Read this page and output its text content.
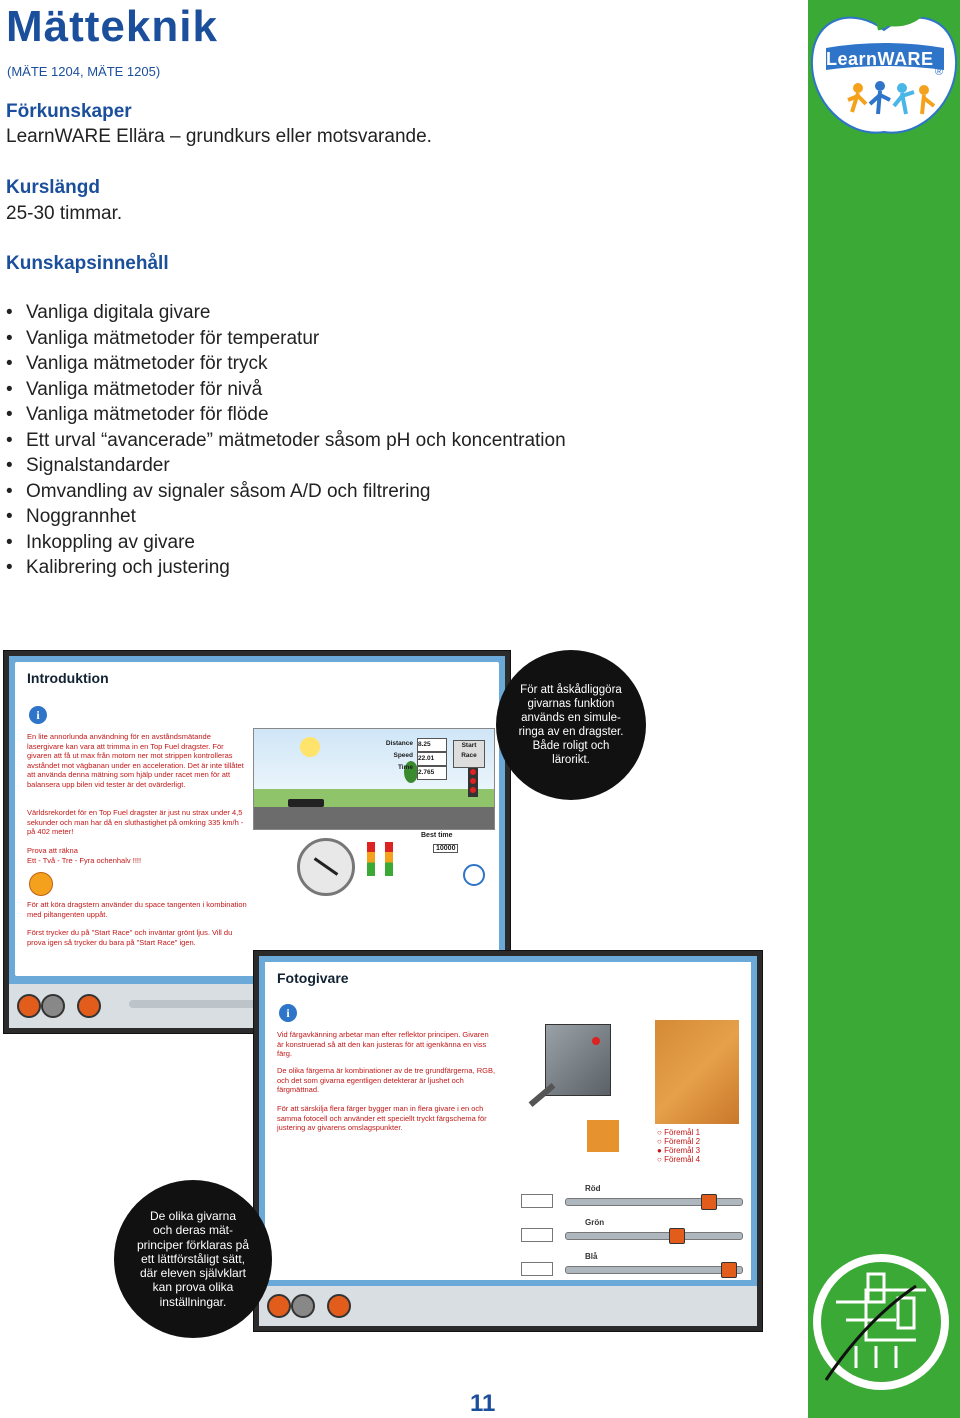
LearnWARE
®
Mätteknik
(MÄTE 1204, MÄTE 1205)
Förkunskaper
LearnWARE Ellära – grundkurs eller motsvarande.
Kurslängd
25-30 timmar.
Kunskapsinnehåll
• Vanliga digitala givare
• Vanliga mätmetoder för temperatur
• Vanliga mätmetoder för tryck
• Vanliga mätmetoder för nivå
• Vanliga mätmetoder för flöde
• Ett urval “avancerade” mätmetoder såsom pH och koncentration
• Signalstandarder
• Omvandling av signaler såsom A/D och filtrering
• Noggrannhet
• Inkoppling av givare
• Kalibrering och justering
Introduktion
i
En lite annorlunda användning för en avståndsmätande lasergivare kan vara att trimma in en Top Fuel dragster. För givaren att få ut max från motorn ner mot strippen kontrolleras avståndet mot vägbanan under en acceleration. Det är inte tillåtet att använda denna mätning som hjälp under racet men för att balansera upp bilen vid tester är det ovärderligt.
Världsrekordet för en Top Fuel dragster är just nu strax under 4,5 sekunder och man har då en sluthastighet på omkring 335 km/h - på 402 meter!
Prova att räkna
Ett - Två - Tre - Fyra ochenhalv !!!!
För att köra dragstern använder du space tangenten i kombination med piltangenten uppåt.
Först trycker du på "Start Race" och inväntar grönt ljus. Vill du prova igen så trycker du bara på "Start Race" igen.
Distance
Speed
Time
8.25
22.01
2.765
Start
Race
Best time
10000
Fotogivare
i
Vid färgavkänning arbetar man efter reflektor principen. Givaren är konstruerad så att den kan justeras för att igenkänna en viss färg.
De olika färgerna är kombinationer av de tre grundfärgerna, RGB, och det som givarna egentligen detekterar är ljushet och färgmättnad.
För att särskilja flera färger bygger man in flera givare i en och samma fotocell och använder ett speciellt tryckt färgschema för justering av givarens omslagspunkter.
○ Föremål 1
○ Föremål 2
● Föremål 3
○ Föremål 4
Röd
Grön
Blå
För att åskådliggöra
givarnas funktion
används en simule-
ringa av en dragster.
Både roligt och
lärorikt.
De olika givarna
och deras mät-
principer förklaras på
ett lättförståligt sätt,
där eleven självklart
kan prova olika
inställningar.
11
